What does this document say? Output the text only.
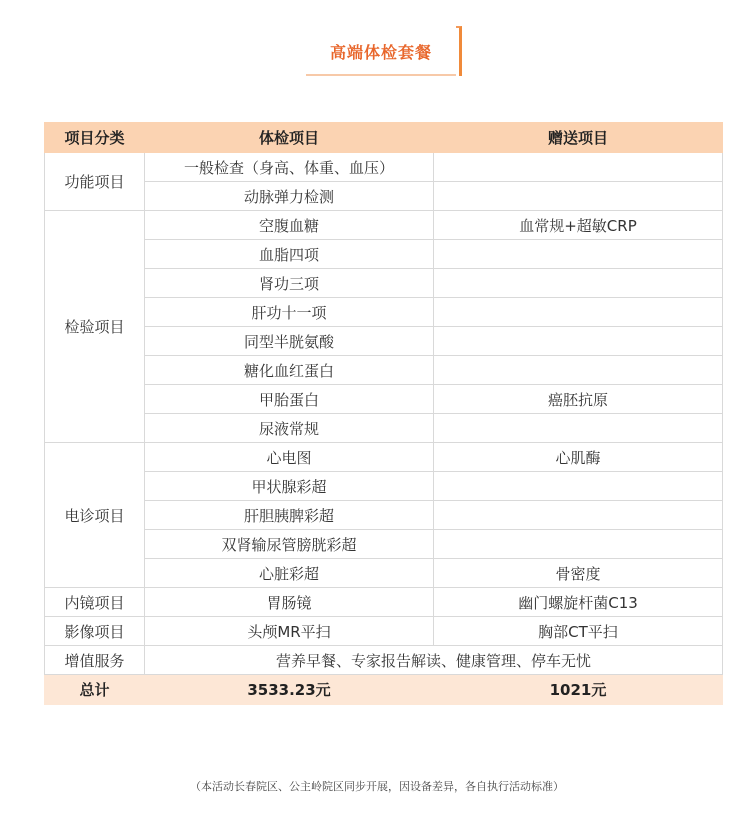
高端体检套餐
项目分类	体检项目	赠送项目
功能项目	一般检查（身高、体重、血压）	
	动脉弹力检测	
检验项目	空腹血糖	血常规+超敏CRP
	血脂四项	
	肾功三项	
	肝功十一项	
	同型半胱氨酸	
	糖化血红蛋白	
	甲胎蛋白	癌胚抗原
	尿液常规	
电诊项目	心电图	心肌酶
	甲状腺彩超	
	肝胆胰脾彩超	
	双肾输尿管膀胱彩超	
	心脏彩超	骨密度
内镜项目	胃肠镜	幽门螺旋杆菌C13
影像项目	头颅MR平扫	胸部CT平扫
增值服务	营养早餐、专家报告解读、健康管理、停车无忧	
总计	3533.23元	1021元
（本活动长春院区、公主岭院区同步开展，因设备差异，各自执行活动标准）
